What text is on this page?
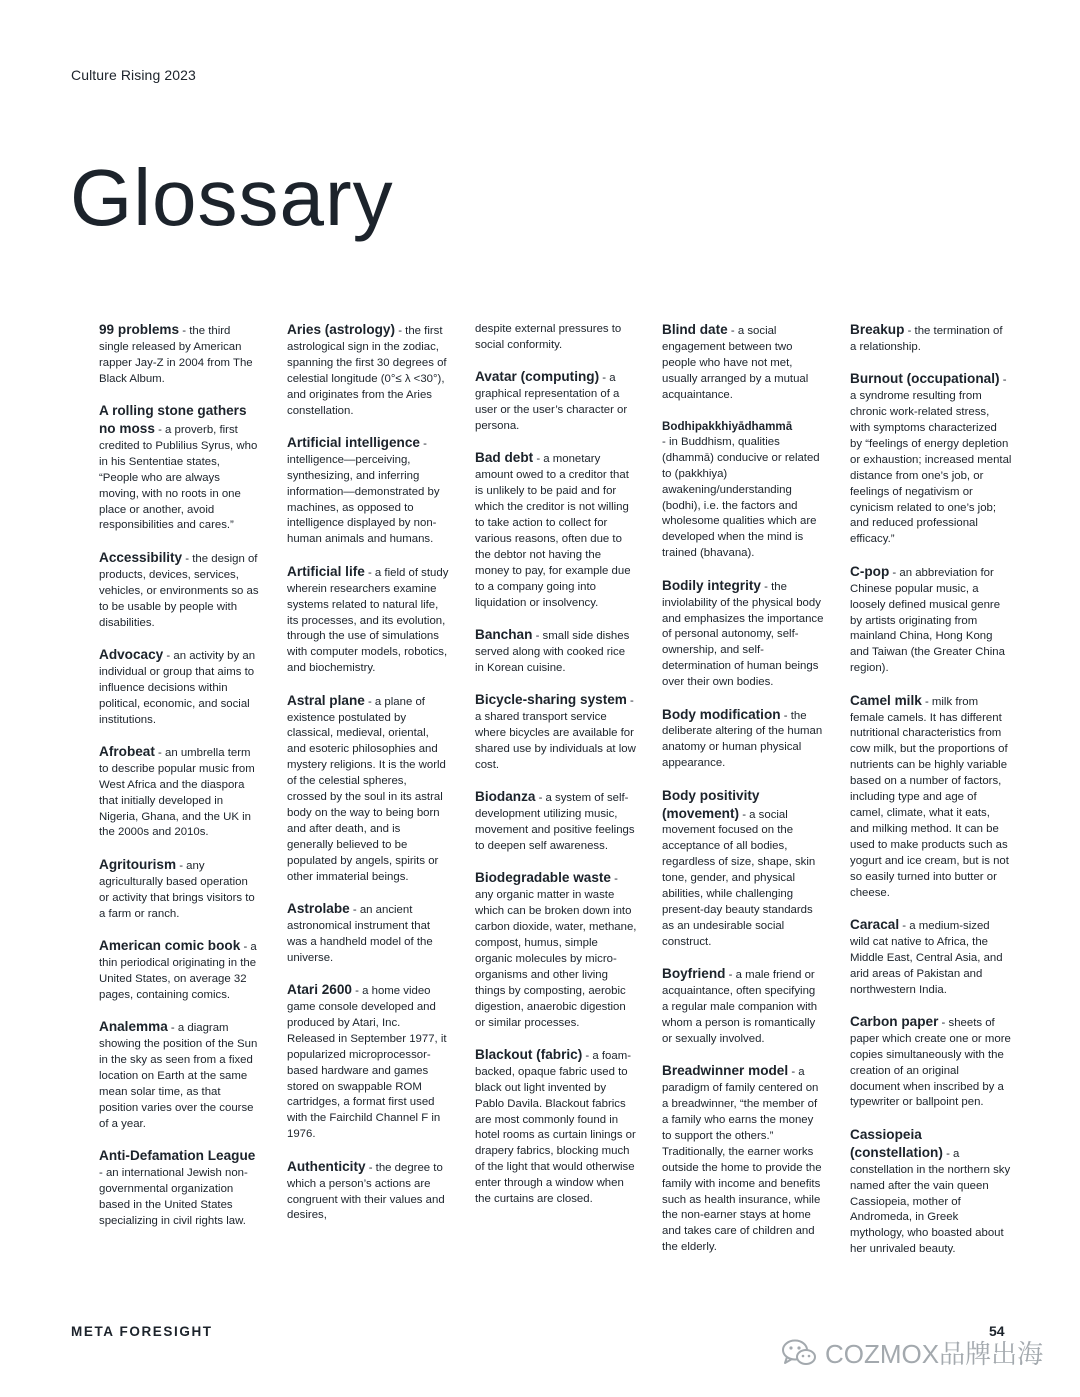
Culture Rising 2023
Glossary
99 problems - the third single released by American rapper Jay-Z in 2004 from The Black Album.
A rolling stone gathers no moss - a proverb, first credited to Publilius Syrus, who in his Sententiae states, “People who are always moving, with no roots in one place or another, avoid responsibilities and cares.”
Accessibility - the design of products, devices, services, vehicles, or environments so as to be usable by people with disabilities.
Advocacy - an activity by an individual or group that aims to influence decisions within political, economic, and social institutions.
Afrobeat - an umbrella term to describe popular music from West Africa and the diaspora that initially developed in Nigeria, Ghana, and the UK in the 2000s and 2010s.
Agritourism - any agriculturally based operation or activity that brings visitors to a farm or ranch.
American comic book - a thin periodical originating in the United States, on average 32 pages, containing comics.
Analemma - a diagram showing the position of the Sun in the sky as seen from a fixed location on Earth at the same mean solar time, as that position varies over the course of a year.
Anti-Defamation League - an international Jewish non-governmental organization based in the United States specializing in civil rights law.
Aries (astrology) - the first astrological sign in the zodiac, spanning the first 30 degrees of celestial longitude (0°≤ λ <30°), and originates from the Aries constellation.
Artificial intelligence - intelligence—perceiving, synthesizing, and inferring information—demonstrated by machines, as opposed to intelligence displayed by non-human animals and humans.
Artificial life - a field of study wherein researchers examine systems related to natural life, its processes, and its evolution, through the use of simulations with computer models, robotics, and biochemistry.
Astral plane - a plane of existence postulated by classical, medieval, oriental, and esoteric philosophies and mystery religions. It is the world of the celestial spheres, crossed by the soul in its astral body on the way to being born and after death, and is generally believed to be populated by angels, spirits or other immaterial beings.
Astrolabe - an ancient astronomical instrument that was a handheld model of the universe.
Atari 2600 - a home video game console developed and produced by Atari, Inc. Released in September 1977, it popularized microprocessor-based hardware and games stored on swappable ROM cartridges, a format first used with the Fairchild Channel F in 1976.
Authenticity - the degree to which a person’s actions are congruent with their values and desires,
despite external pressures to social conformity.
Avatar (computing) - a graphical representation of a user or the user’s character or persona.
Bad debt - a monetary amount owed to a creditor that is unlikely to be paid and for which the creditor is not willing to take action to collect for various reasons, often due to the debtor not having the money to pay, for example due to a company going into liquidation or insolvency.
Banchan - small side dishes served along with cooked rice in Korean cuisine.
Bicycle-sharing system - a shared transport service where bicycles are available for shared use by individuals at low cost.
Biodanza - a system of self-development utilizing music, movement and positive feelings to deepen self awareness.
Biodegradable waste - any organic matter in waste which can be broken down into carbon dioxide, water, methane, compost, humus, simple organic molecules by micro-organisms and other living things by composting, aerobic digestion, anaerobic digestion or similar processes.
Blackout (fabric) - a foam-backed, opaque fabric used to black out light invented by Pablo Davila. Blackout fabrics are most commonly found in hotel rooms as curtain linings or drapery fabrics, blocking much of the light that would otherwise enter through a window when the curtains are closed.
Blind date - a social engagement between two people who have not met, usually arranged by a mutual acquaintance.
Bodhipakkhiyādhammā
- in Buddhism, qualities (dhammā) conducive or related to (pakkhiya) awakening/understanding (bodhi), i.e. the factors and wholesome qualities which are developed when the mind is trained (bhavana).
Bodily integrity - the inviolability of the physical body and emphasizes the importance of personal autonomy, self-ownership, and self-determination of human beings over their own bodies.
Body modification - the deliberate altering of the human anatomy or human physical appearance.
Body positivity (movement) - a social movement focused on the acceptance of all bodies, regardless of size, shape, skin tone, gender, and physical abilities, while challenging present-day beauty standards as an undesirable social construct.
Boyfriend - a male friend or acquaintance, often specifying a regular male companion with whom a person is romantically or sexually involved.
Breadwinner model - a paradigm of family centered on a breadwinner, “the member of a family who earns the money to support the others.” Traditionally, the earner works outside the home to provide the family with income and benefits such as health insurance, while the non-earner stays at home and takes care of children and the elderly.
Breakup - the termination of a relationship.
Burnout (occupational) - a syndrome resulting from chronic work-related stress, with symptoms characterized by “feelings of energy depletion or exhaustion; increased mental distance from one’s job, or feelings of negativism or cynicism related to one’s job; and reduced professional efficacy.”
C-pop - an abbreviation for Chinese popular music, a loosely defined musical genre by artists originating from mainland China, Hong Kong and Taiwan (the Greater China region).
Camel milk - milk from female camels. It has different nutritional characteristics from cow milk, but the proportions of nutrients can be highly variable based on a number of factors, including type and age of camel, climate, what it eats, and milking method. It can be used to make products such as yogurt and ice cream, but is not so easily turned into butter or cheese.
Caracal - a medium-sized wild cat native to Africa, the Middle East, Central Asia, and arid areas of Pakistan and northwestern India.
Carbon paper - sheets of paper which create one or more copies simultaneously with the creation of an original document when inscribed by a typewriter or ballpoint pen.
Cassiopeia (constellation) - a constellation in the northern sky named after the vain queen Cassiopeia, mother of Andromeda, in Greek mythology, who boasted about her unrivaled beauty.
META FORESIGHT	54
COZMOX品牌出海
